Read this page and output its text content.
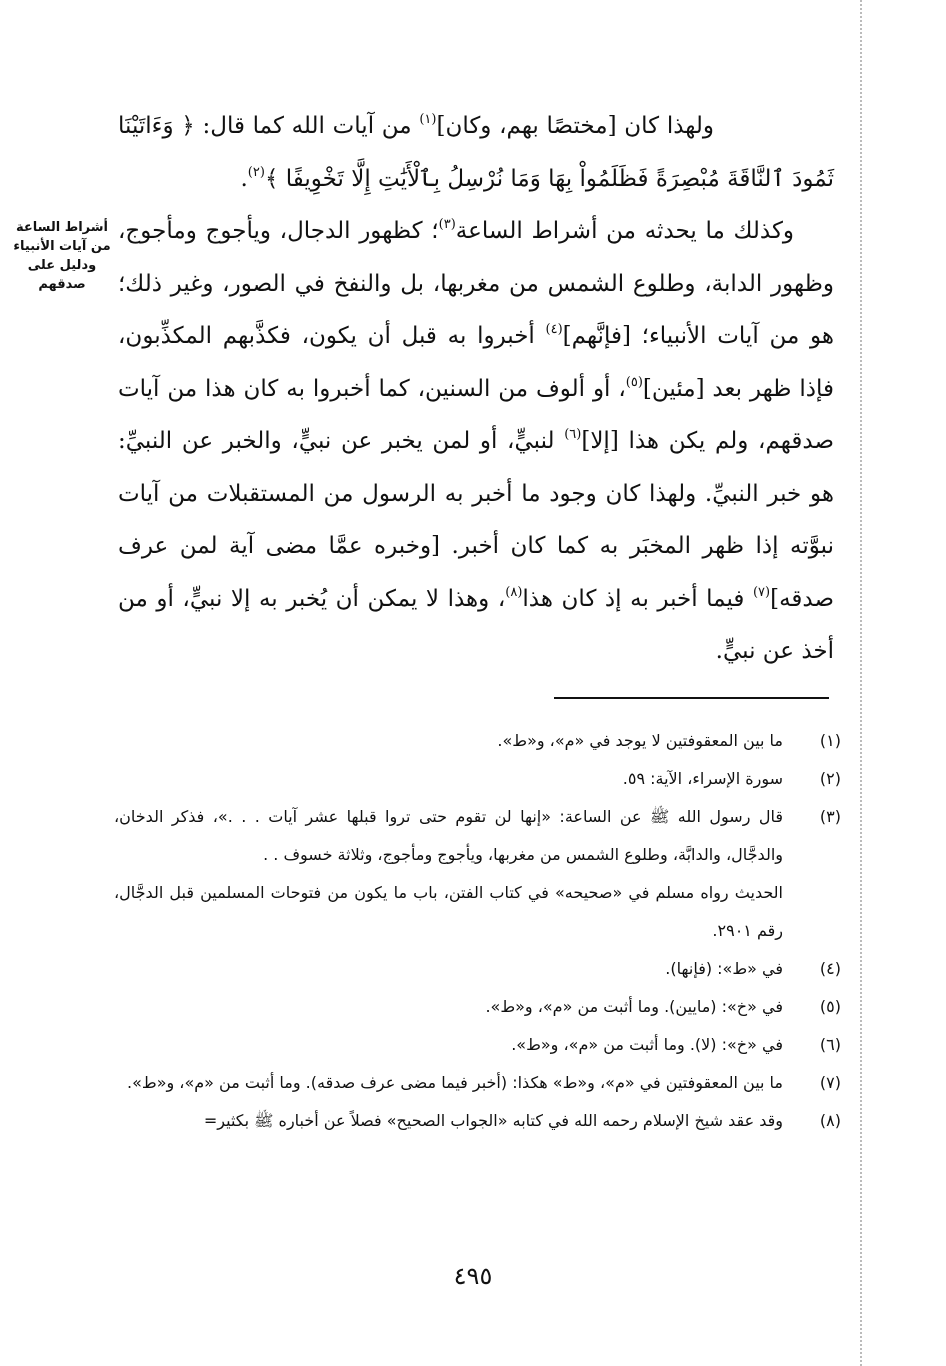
ولهذا كان [مختصًا بهم، وكان]$^{(١)}$ من آيات الله كما قال: ﴿ وَءَاتَيْنَا ثَمُودَ ٱلنَّاقَةَ مُبْصِرَةً فَظَلَمُواْ بِهَا وَمَا نُرْسِلُ بِٱلْأَيَٰتِ إِلَّا تَخْوِيفًا ﴾$^{(٢)}$.

وكذلك ما يحدثه من أشراط الساعة$^{(٣)}$؛ كظهور الدجال، ويأجوج ومأجوج، وظهور الدابة، وطلوع الشمس من مغربها، بل والنفخ في الصور، وغير ذلك؛ هو من آيات الأنبياء؛ [فإنَّهم]$^{(٤)}$ أخبروا به قبل أن يكون، فكذَّبهم المكذِّبون، فإذا ظهر بعد [مئين]$^{(٥)}$، أو ألوف من السنين، كما أخبروا به كان هذا من آيات صدقهم، ولم يكن هذا [إلا]$^{(٦)}$ لنبيٍّ، أو لمن يخبر عن نبيٍّ، والخبر عن النبيِّ: هو خبر النبيِّ. ولهذا كان وجود ما أخبر به الرسول من المستقبلات من آيات نبوَّته إذا ظهر المخبَر به كما كان أخبر. [وخبره عمَّا مضى آية لمن عرف صدقه]$^{(٧)}$ فيما أخبر به إذ كان هذا$^{(٨)}$، وهذا لا يمكن أن يُخبر به إلا نبيٍّ، أو من أخذ عن نبيٍّ.

أشراط الساعة
من آيات الأنبياء
ودليل على صدقهم
(١)
ما بين المعقوفتين لا يوجد في «م»، و«ط».
(٢)
سورة الإسراء، الآية: ٥٩.
(٣)

قال رسول الله ﷺ عن الساعة: «إنها لن تقوم حتى تروا قبلها عشر آيات . . .»، فذكر الدخان، والدجَّال، والدابَّة، وطلوع الشمس من مغربها، ويأجوج ومأجوج، وثلاثة خسوف . .

الحديث رواه مسلم في «صحيحه» في كتاب الفتن، باب ما يكون من فتوحات المسلمين قبل الدجَّال، رقم ٢٩٠١.

(٤)
في «ط»: (فإنها).
(٥)
في «خ»: (مايين). وما أثبت من «م»، و«ط».
(٦)
في «خ»: (لا). وما أثبت من «م»، و«ط».
(٧)
ما بين المعقوفتين في «م»، و«ط» هكذا: (أخبر فيما مضى عرف صدقه). وما أثبت من «م»، و«ط».
(٨)
وقد عقد شيخ الإسلام رحمه الله في كتابه «الجواب الصحيح» فصلاً عن أخباره ﷺ بكثير=
٤٩٥
